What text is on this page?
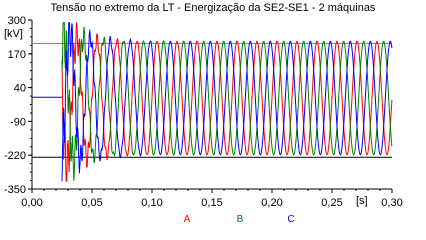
Tensão no extremo da LT - Energização da SE2-SE1 - 2 máquinas
[kV]
[s]
300
170
40
-90
-220
-350
0,00	0,05	0,10	0,15	0,20	0,25	0,30
A	B	C
